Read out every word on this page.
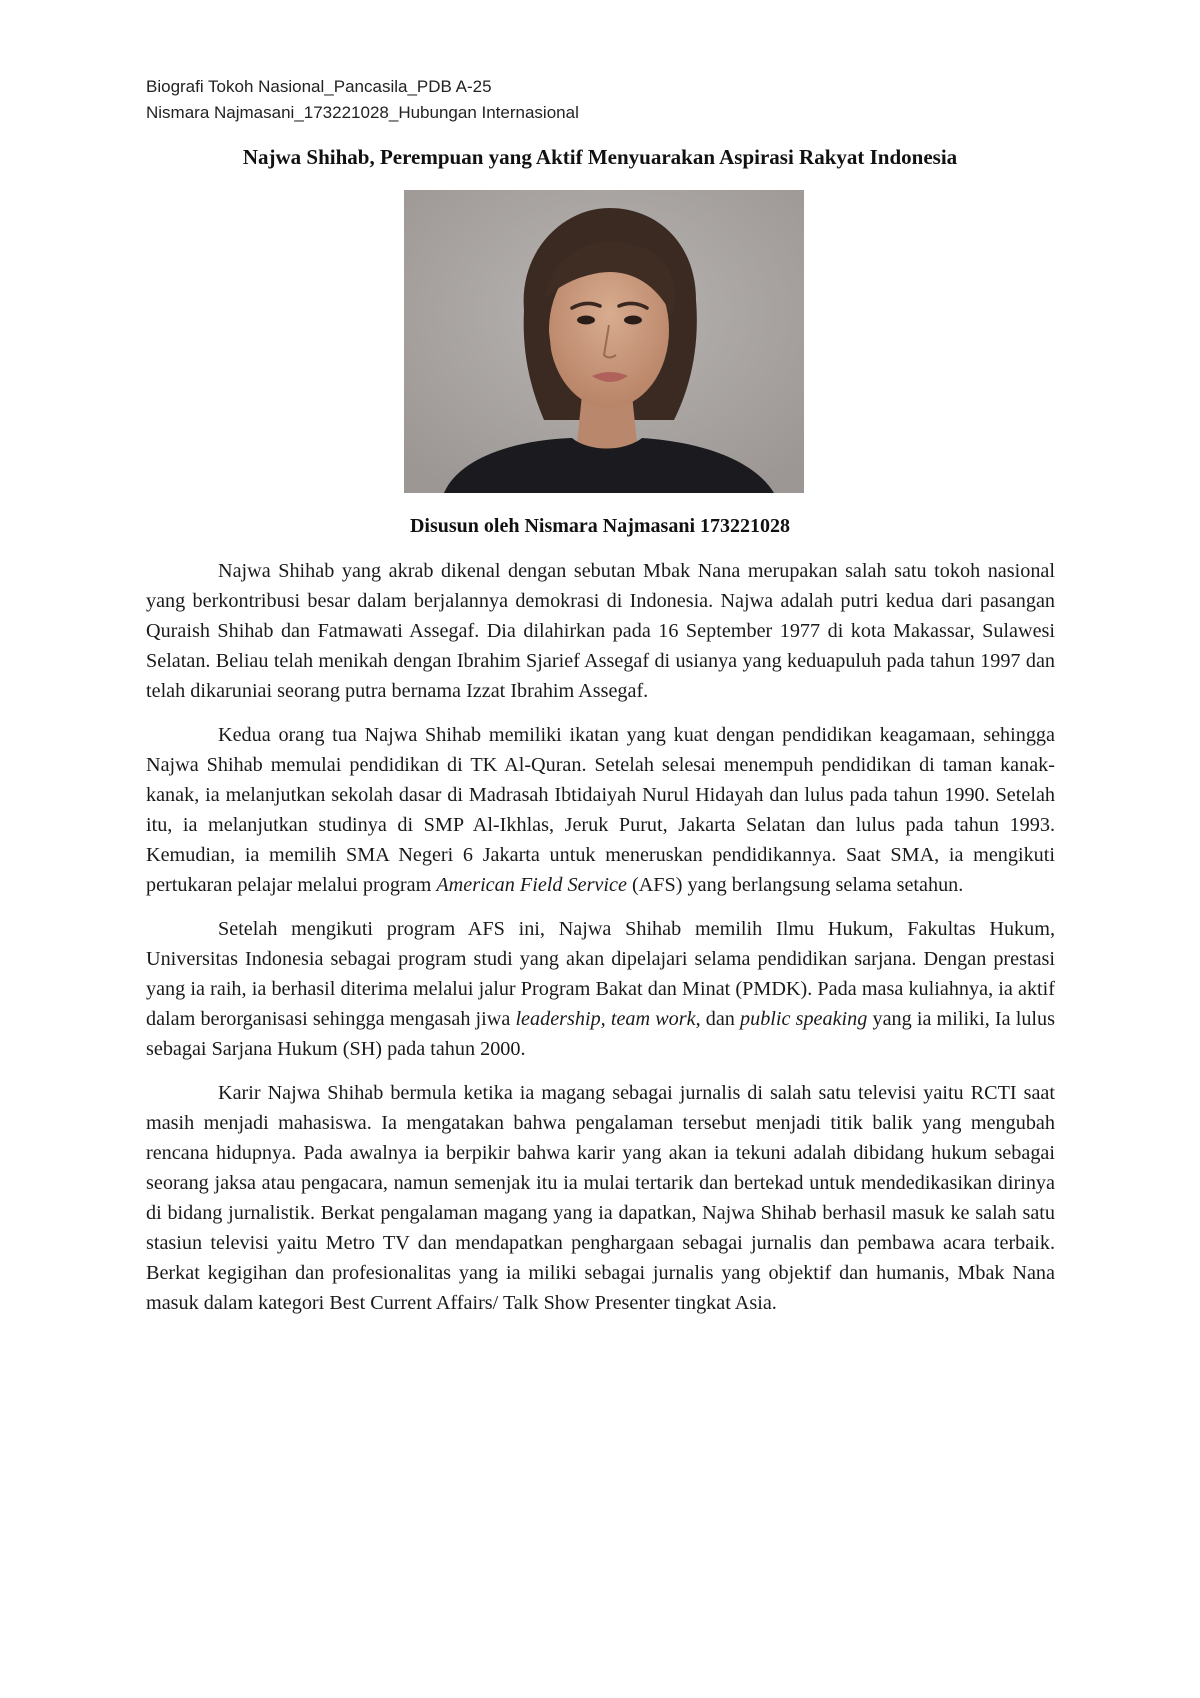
Biografi Tokoh Nasional_Pancasila_PDB A-25
Nismara Najmasani_173221028_Hubungan Internasional
Najwa Shihab, Perempuan yang Aktif Menyuarakan Aspirasi Rakyat Indonesia
Disusun oleh Nismara Najmasani 173221028

Najwa Shihab yang akrab dikenal dengan sebutan Mbak Nana merupakan salah satu tokoh nasional yang berkontribusi besar dalam berjalannya demokrasi di Indonesia. Najwa adalah putri kedua dari pasangan Quraish Shihab dan Fatmawati Assegaf. Dia dilahirkan pada 16 September 1977 di kota Makassar, Sulawesi Selatan. Beliau telah menikah dengan Ibrahim Sjarief Assegaf di usianya yang keduapuluh pada tahun 1997 dan telah dikaruniai seorang putra bernama Izzat Ibrahim Assegaf.

Kedua orang tua Najwa Shihab memiliki ikatan yang kuat dengan pendidikan keagamaan, sehingga Najwa Shihab memulai pendidikan di TK Al-Quran. Setelah selesai menempuh pendidikan di taman kanak-kanak, ia melanjutkan sekolah dasar di Madrasah Ibtidaiyah Nurul Hidayah dan lulus pada tahun 1990. Setelah itu, ia melanjutkan studinya di SMP Al-Ikhlas, Jeruk Purut, Jakarta Selatan dan lulus pada tahun 1993. Kemudian, ia memilih SMA Negeri 6 Jakarta untuk meneruskan pendidikannya. Saat SMA, ia mengikuti pertukaran pelajar melalui program American Field Service (AFS) yang berlangsung selama setahun.

Setelah mengikuti program AFS ini, Najwa Shihab memilih Ilmu Hukum, Fakultas Hukum, Universitas Indonesia sebagai program studi yang akan dipelajari selama pendidikan sarjana. Dengan prestasi yang ia raih, ia berhasil diterima melalui jalur Program Bakat dan Minat (PMDK). Pada masa kuliahnya, ia aktif dalam berorganisasi sehingga mengasah jiwa leadership, team work, dan public speaking yang ia miliki, Ia lulus sebagai Sarjana Hukum (SH) pada tahun 2000.

Karir Najwa Shihab bermula ketika ia magang sebagai jurnalis di salah satu televisi yaitu RCTI saat masih menjadi mahasiswa. Ia mengatakan bahwa pengalaman tersebut menjadi titik balik yang mengubah rencana hidupnya. Pada awalnya ia berpikir bahwa karir yang akan ia tekuni adalah dibidang hukum sebagai seorang jaksa atau pengacara, namun semenjak itu ia mulai tertarik dan bertekad untuk mendedikasikan dirinya di bidang jurnalistik. Berkat pengalaman magang yang ia dapatkan, Najwa Shihab berhasil masuk ke salah satu stasiun televisi yaitu Metro TV dan mendapatkan penghargaan sebagai jurnalis dan pembawa acara terbaik. Berkat kegigihan dan profesionalitas yang ia miliki sebagai jurnalis yang objektif dan humanis, Mbak Nana masuk dalam kategori Best Current Affairs/ Talk Show Presenter tingkat Asia.
